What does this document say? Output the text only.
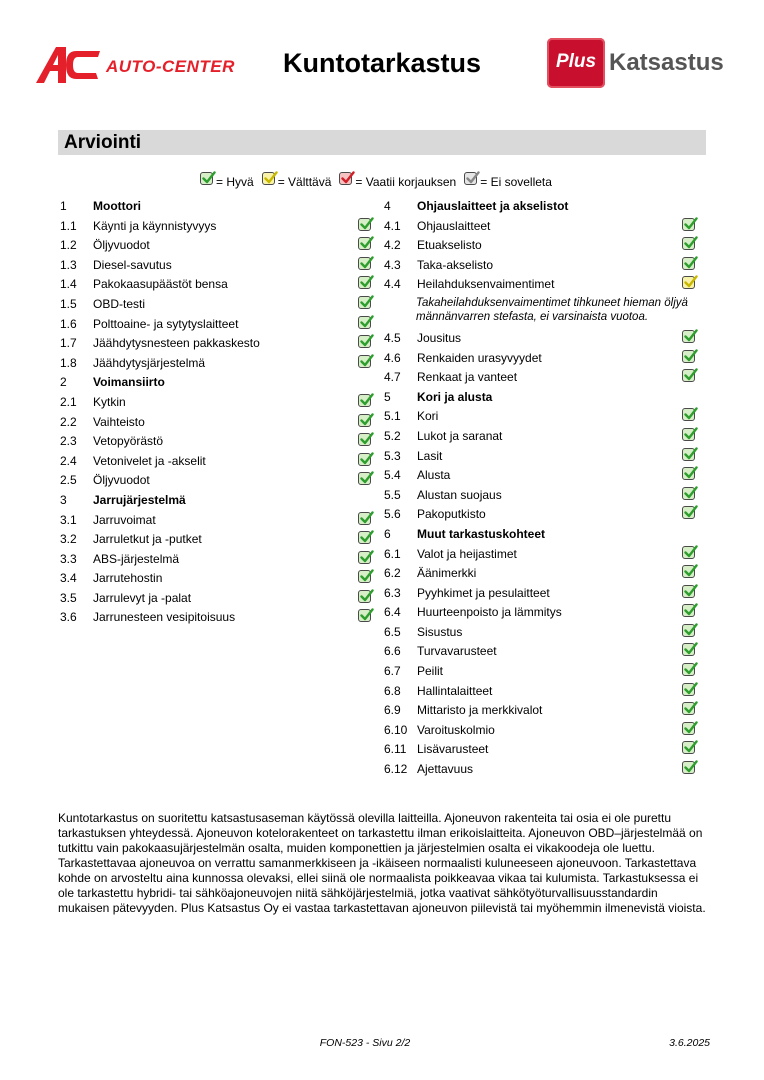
AUTO-CENTER	Kuntotarkastus	Plus Katsastus
Arviointi
= Hyvä = Välttävä = Vaatii korjauksen = Ei sovelleta
1 Moottori
1.1 Käynti ja käynnistyvyys
1.2 Öljyvuodot
1.3 Diesel-savutus
1.4 Pakokaasupäästöt bensa
1.5 OBD-testi
1.6 Polttoaine- ja sytytyslaitteet
1.7 Jäähdytysnesteen pakkaskesto
1.8 Jäähdytysjärjestelmä
2 Voimansiirto
2.1 Kytkin
2.2 Vaihteisto
2.3 Vetopyörästö
2.4 Vetonivelet ja -akselit
2.5 Öljyvuodot
3 Jarrujärjestelmä
3.1 Jarruvoimat
3.2 Jarruletkut ja -putket
3.3 ABS-järjestelmä
3.4 Jarrutehostin
3.5 Jarrulevyt ja -palat
3.6 Jarrunesteen vesipitoisuus
4 Ohjauslaitteet ja akselistot
4.1 Ohjauslaitteet
4.2 Etuakselisto
4.3 Taka-akselisto
4.4 Heilahduksenvaimentimet
Takaheilahduksenvaimentimet tihkuneet hieman öljyä männänvarren stefasta, ei varsinaista vuotoa.
4.5 Jousitus
4.6 Renkaiden urasyvyydet
4.7 Renkaat ja vanteet
5 Kori ja alusta
5.1 Kori
5.2 Lukot ja saranat
5.3 Lasit
5.4 Alusta
5.5 Alustan suojaus
5.6 Pakoputkisto
6 Muut tarkastuskohteet
6.1 Valot ja heijastimet
6.2 Äänimerkki
6.3 Pyyhkimet ja pesulaitteet
6.4 Huurteenpoisto ja lämmitys
6.5 Sisustus
6.6 Turvavarusteet
6.7 Peilit
6.8 Hallintalaitteet
6.9 Mittaristo ja merkkivalot
6.10 Varoituskolmio
6.11 Lisävarusteet
6.12 Ajettavuus
Kuntotarkastus on suoritettu katsastusaseman käytössä olevilla laitteilla. Ajoneuvon rakenteita tai osia ei ole purettu tarkastuksen yhteydessä. Ajoneuvon kotelorakenteet on tarkastettu ilman erikoislaitteita. Ajoneuvon OBD–järjestelmää on tutkittu vain pakokaasujärjestelmän osalta, muiden komponettien ja järjestelmien osalta ei vikakoodeja ole luettu. Tarkastettavaa ajoneuvoa on verrattu samanmerkkiseen ja -ikäiseen normaalisti kuluneeseen ajoneuvoon. Tarkastettava kohde on arvosteltu aina kunnossa olevaksi, ellei siinä ole normaalista poikkeavaa vikaa tai kulumista. Tarkastuksessa ei ole tarkastettu hybridi- tai sähköajoneuvojen niitä sähköjärjestelmiä, jotka vaativat sähkötyöturvallisuusstandardin mukaisen pätevyyden. Plus Katsastus Oy ei vastaa tarkastettavan ajoneuvon piilevistä tai myöhemmin ilmenevistä vioista.
FON-523 - Sivu 2/2	3.6.2025
